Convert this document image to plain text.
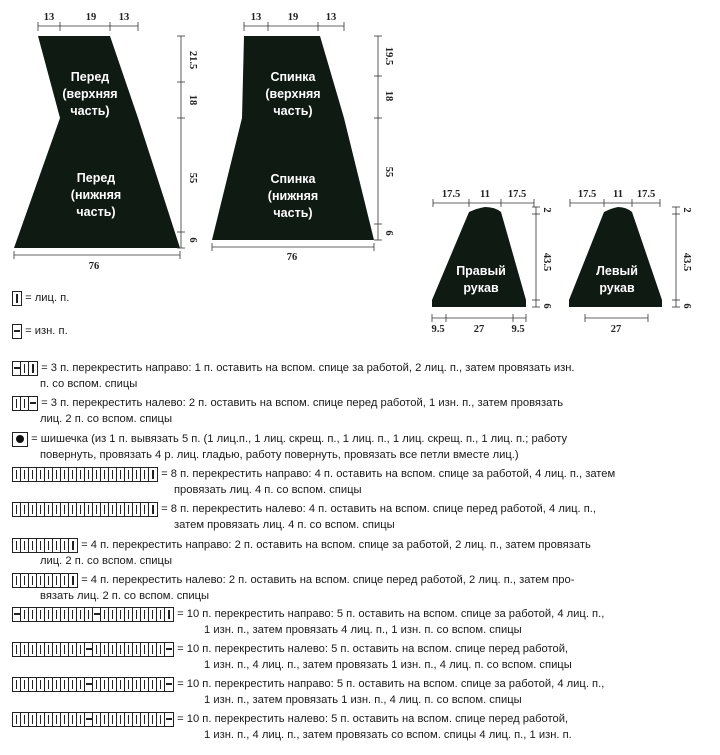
13	19 13
21.5
18
55
6
76
Перед
(верхняя
часть)
Перед
(нижняя
часть)
13	19	13
19.5
18
55
6
76
Спинка
(верхняя
часть)
Спинка
(нижняя
часть)
17.5 11 17.5
2
43.5
6
9.5	27	9.5
Правый
рукав
17.5 11 17.5
2
43.5
6
27
Левый
рукав
= лиц. п.
= изн. п.
= 3 п. перекрестить направо: 1 п. оставить на вспом. спице за работой, 2 лиц. п., затем провязать изн.
п. со вспом. спицы
= 3 п. перекрестить налево: 2 п. оставить на вспом. спице перед работой, 1 изн. п., затем провязать
лиц. 2 п. со вспом. спицы
= шишечка (из 1 п. вывязать 5 п. (1 лиц.п., 1 лиц. скрещ. п., 1 лиц. п., 1 лиц. скрещ. п., 1 лиц. п.; работу
повернуть, провязать 4 р. лиц. гладью, работу повернуть, провязать все петли вместе лиц.)
= 8 п. перекрестить направо: 4 п. оставить на вспом. спице за работой, 4 лиц. п., затем
провязать лиц. 4 п. со вспом. спицы
= 8 п. перекрестить налево: 4 п. оставить на вспом. спице перед работой, 4 лиц. п.,
затем провязать лиц. 4 п. со вспом. спицы
= 4 п. перекрестить направо: 2 п. оставить на вспом. спице за работой, 2 лиц. п., затем провязать
лиц. 2 п. со вспом. спицы
= 4 п. перекрестить налево: 2 п. оставить на вспом. спице перед работой, 2 лиц. п., затем про-
вязать лиц. 2 п. со вспом. спицы
= 10 п. перекрестить направо: 5 п. оставить на вспом. спице за работой, 4 лиц. п.,
1 изн. п., затем провязать 4 лиц. п., 1 изн. п. со вспом. спицы
= 10 п. перекрестить налево: 5 п. оставить на вспом. спице перед работой,
1 изн. п., 4 лиц. п., затем провязать 1 изн. п., 4 лиц. п. со вспом. спицы
= 10 п. перекрестить направо: 5 п. оставить на вспом. спице за работой, 4 лиц. п.,
1 изн. п., затем провязать 1 изн. п., 4 лиц. п. со вспом. спицы
= 10 п. перекрестить налево: 5 п. оставить на вспом. спице перед работой,
1 изн. п., 4 лиц. п., затем провязать со вспом. спицы 4 лиц. п., 1 изн. п.
